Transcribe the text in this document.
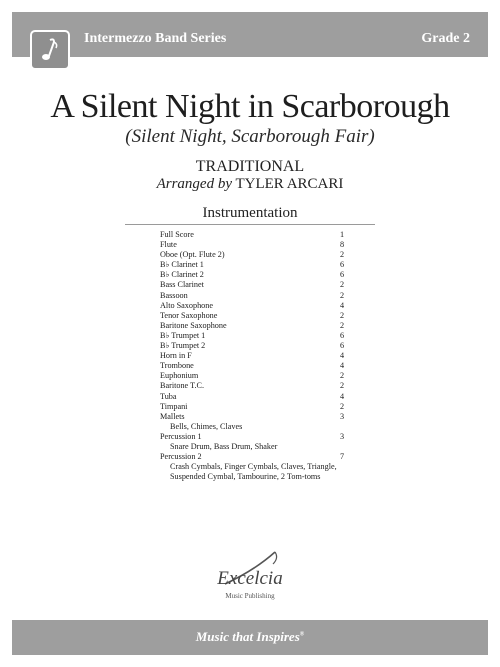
Intermezzo Band Series	Grade 2
A Silent Night in Scarborough
(Silent Night, Scarborough Fair)
TRADITIONAL
Arranged by TYLER ARCARI
Instrumentation
Full Score	1
Flute	8
Oboe (Opt. Flute 2)	2
B♭ Clarinet 1	6
B♭ Clarinet 2	6
Bass Clarinet	2
Bassoon	2
Alto Saxophone	4
Tenor Saxophone	2
Baritone Saxophone	2
B♭ Trumpet 1	6
B♭ Trumpet 2	6
Horn in F	4
Trombone	4
Euphonium	2
Baritone T.C.	2
Tuba	4
Timpani	2
Mallets	3
Bells, Chimes, Claves
Percussion 1	3
Snare Drum, Bass Drum, Shaker
Percussion 2	7
Crash Cymbals, Finger Cymbals, Claves, Triangle,
Suspended Cymbal, Tambourine, 2 Tom-toms
Excelcia
Music Publishing
Music that Inspires®
